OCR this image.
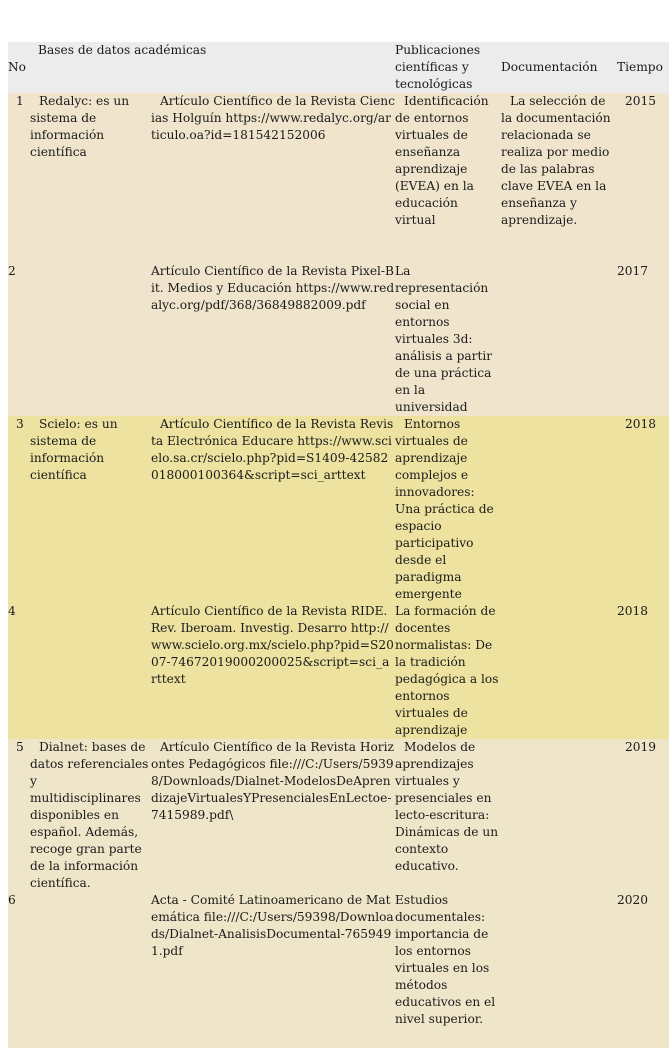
No	Bases de datos académicas		Publicaciones científicas y tecnológicas	Documentación	Tiempo
1	Redalyc: es un sistema de información científica	Artículo Científico de la Revista Ciencias Holguín https://www.redalyc.org/articulo.oa?id=181542152006	Identificación de entornos virtuales de enseñanza aprendizaje (EVEA) en la educación virtual	La selección de la documentación relacionada se realiza por medio de las palabras clave EVEA en la enseñanza y aprendizaje.	2015
2		Artículo Científico de la Revista Pixel-Bit. Medios y Educación https://www.redalyc.org/pdf/368/36849882009.pdf	La representación social en entornos virtuales 3d: análisis a partir de una práctica en la universidad		2017
3	Scielo: es un sistema de información científica	Artículo Científico de la Revista Revista Electrónica Educare https://www.scielo.sa.cr/scielo.php?pid=S1409-42582018000100364&script=sci_arttext	Entornos virtuales de aprendizaje complejos e innovadores: Una práctica de espacio participativo desde el paradigma emergente		2018
4		Artículo Científico de la Revista RIDE. Rev. Iberoam. Investig. Desarro http://www.scielo.org.mx/scielo.php?pid=S2007-74672019000200025&script=sci_arttext	La formación de docentes normalistas: De la tradición pedagógica a los entornos virtuales de aprendizaje		2018
5	Dialnet: bases de datos referenciales y multidisciplinares disponibles en español. Además, recoge gran parte de la información científica.	Artículo Científico de la Revista Horizontes Pedagógicos file:///C:/Users/59398/Downloads/Dialnet-ModelosDeAprendizajeVirtualesYPresencialesEnLectoe-7415989.pdf\	Modelos de aprendizajes virtuales y presenciales en lecto-escritura: Dinámicas de un contexto educativo.		2019
6		Acta - Comité Latinoamericano de Matemática file:///C:/Users/59398/Downloads/Dialnet-AnalisisDocumental-7659491.pdf	Estudios documentales: importancia de los entornos virtuales en los métodos educativos en el nivel superior.		2020
